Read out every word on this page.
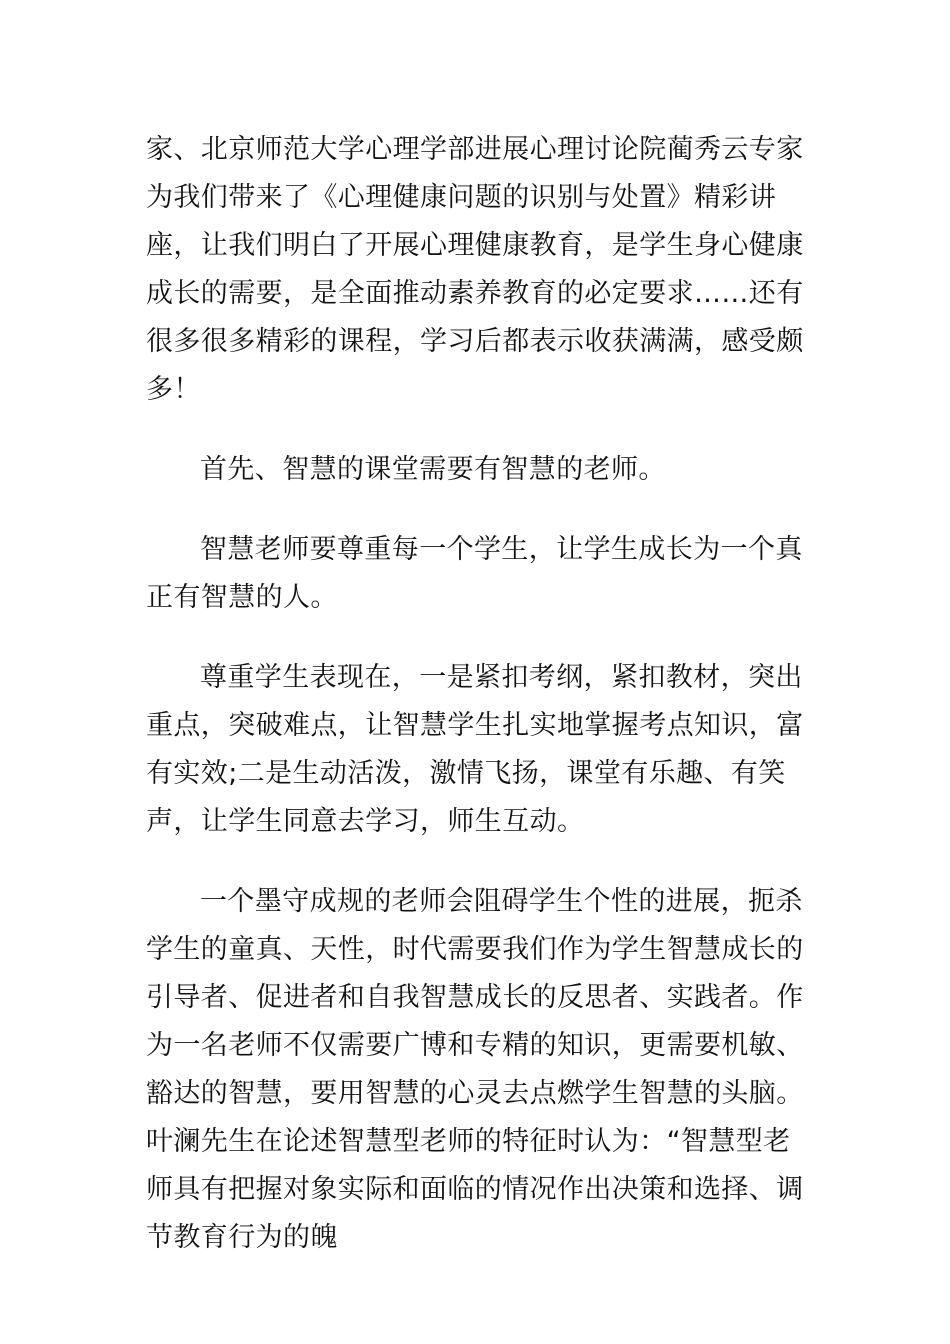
家、北京师范大学心理学部进展心理讨论院蔺秀云专家为我们带来了《心理健康问题的识别与处置》精彩讲座，让我们明白了开展心理健康教育，是学生身心健康成长的需要，是全面推动素养教育的必定要求……还有很多很多精彩的课程，学习后都表示收获满满，感受颇多！

首先、智慧的课堂需要有智慧的老师。

智慧老师要尊重每一个学生，让学生成长为一个真正有智慧的人。

尊重学生表现在，一是紧扣考纲，紧扣教材，突出重点，突破难点，让智慧学生扎实地掌握考点知识，富有实效;二是生动活泼，激情飞扬，课堂有乐趣、有笑声，让学生同意去学习，师生互动。

一个墨守成规的老师会阻碍学生个性的进展，扼杀学生的童真、天性，时代需要我们作为学生智慧成长的引导者、促进者和自我智慧成长的反思者、实践者。作为一名老师不仅需要广博和专精的知识，更需要机敏、豁达的智慧，要用智慧的心灵去点燃学生智慧的头脑。叶澜先生在论述智慧型老师的特征时认为：“智慧型老师具有把握对象实际和面临的情况作出决策和选择、调节教育行为的魄
